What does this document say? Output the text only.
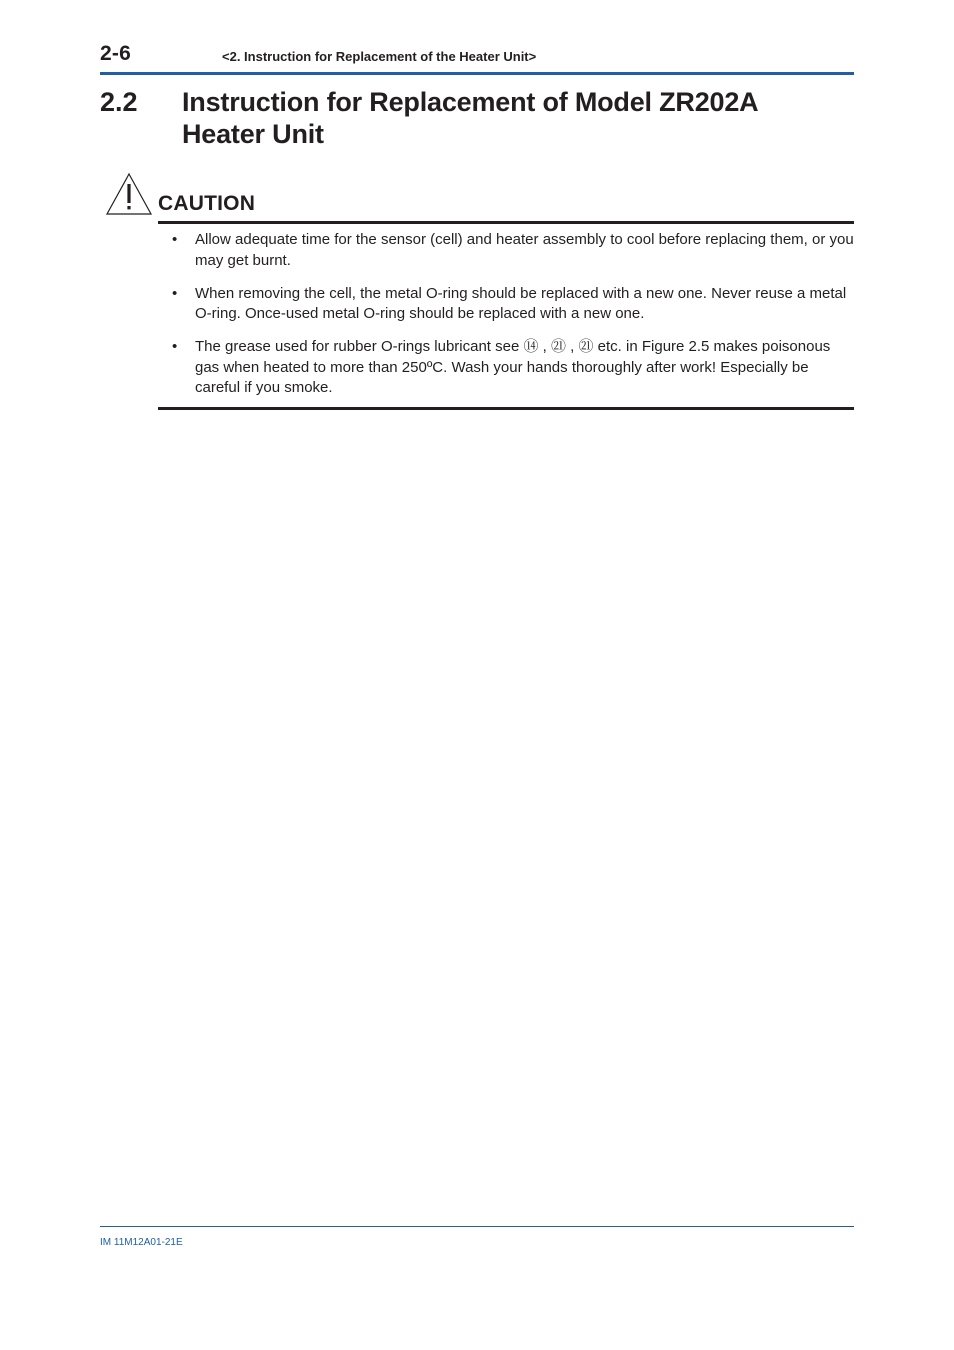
2-6	<2. Instruction for Replacement of the Heater Unit>
2.2 Instruction for Replacement of Model ZR202A Heater Unit
CAUTION
• Allow adequate time for the sensor (cell) and heater assembly to cool before replacing them, or you may get burnt.
• When removing the cell, the metal O-ring should be replaced with a new one. Never reuse a metal O-ring. Once-used metal O-ring should be replaced with a new one.
• The grease used for rubber O-rings lubricant see ⑭ , ㉑ , ㉑ etc. in Figure 2.5 makes poisonous gas when heated to more than 250ºC. Wash your hands thoroughly after work! Especially be careful if you smoke.
IM 11M12A01-21E
